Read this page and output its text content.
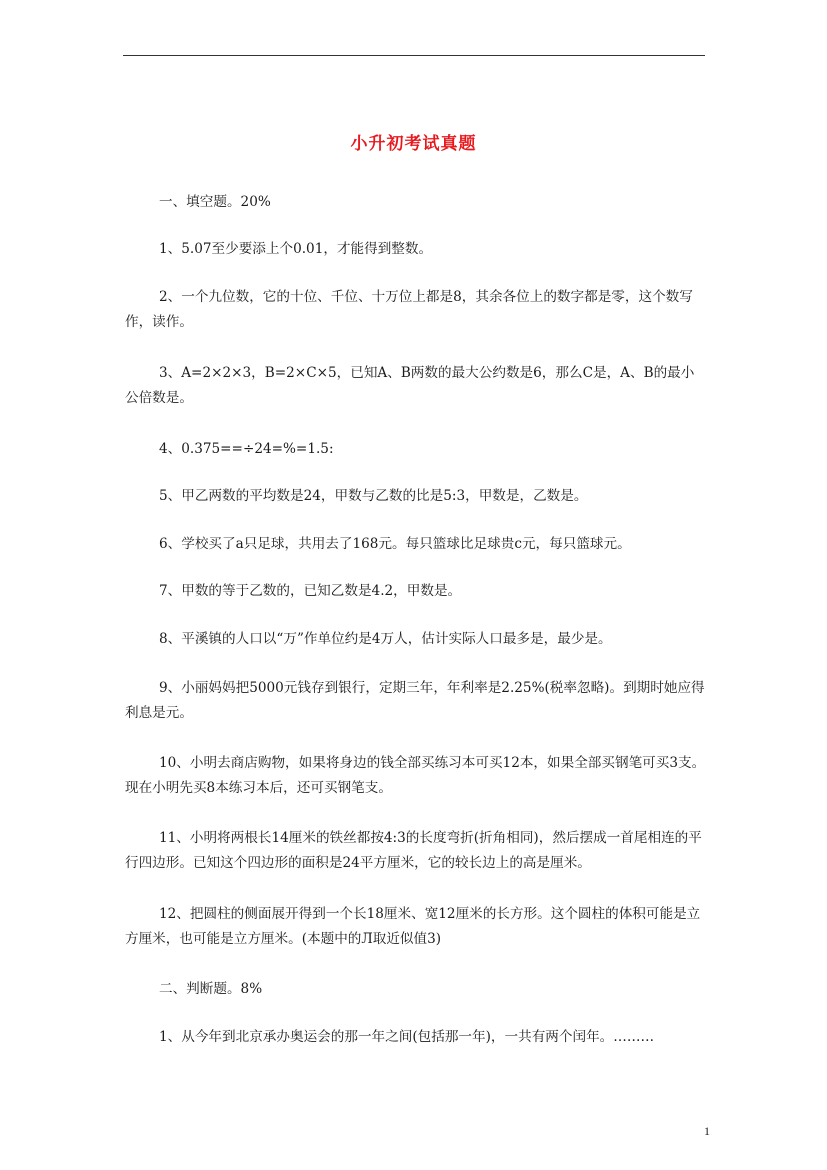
小升初考试真题

一、填空题。20%

1、5.07至少要添上个0.01，才能得到整数。

2、一个九位数，它的十位、千位、十万位上都是8，其余各位上的数字都是零，这个数写作，读作。

3、A=2×2×3，B=2×C×5，已知A、B两数的最大公约数是6，那么C是，A、B的最小公倍数是。

4、0.375==÷24=%=1.5:

5、甲乙两数的平均数是24，甲数与乙数的比是5:3，甲数是，乙数是。

6、学校买了a只足球，共用去了168元。每只篮球比足球贵c元，每只篮球元。

7、甲数的等于乙数的，已知乙数是4.2，甲数是。

8、平溪镇的人口以“万”作单位约是4万人，估计实际人口最多是，最少是。

9、小丽妈妈把5000元钱存到银行，定期三年，年利率是2.25%(税率忽略)。到期时她应得利息是元。

10、小明去商店购物，如果将身边的钱全部买练习本可买12本，如果全部买钢笔可买3支。现在小明先买8本练习本后，还可买钢笔支。

11、小明将两根长14厘米的铁丝都按4:3的长度弯折(折角相同)，然后摆成一首尾相连的平行四边形。已知这个四边形的面积是24平方厘米，它的较长边上的高是厘米。

12、把圆柱的侧面展开得到一个长18厘米、宽12厘米的长方形。这个圆柱的体积可能是立方厘米，也可能是立方厘米。(本题中的Л取近似值3)

二、判断题。8%

1、从今年到北京承办奥运会的那一年之间(包括那一年)，一共有两个闰年。………

1
